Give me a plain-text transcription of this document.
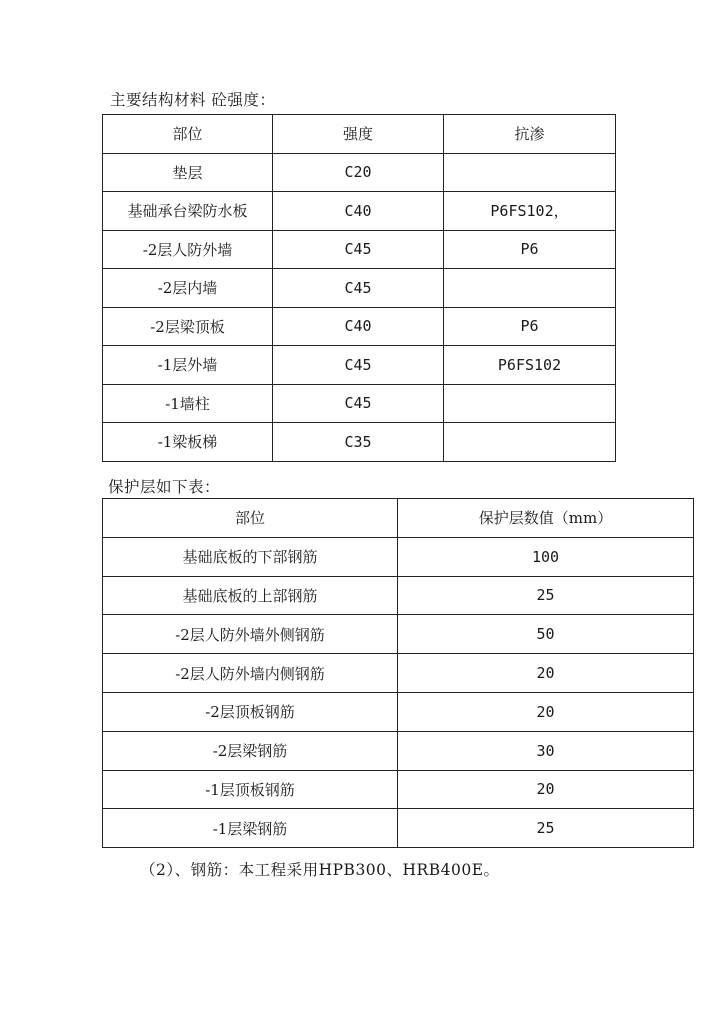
主要结构材料 砼强度：
部位	强度	抗渗
垫层	C20	
基础承台梁防水板	C40	P6FS102，
-2层人防外墙	C45	P6
-2层内墙	C45	
-2层梁顶板	C40	P6
-1层外墙	C45	P6FS102
-1墙柱	C45	
-1梁板梯	C35	
保护层如下表：
部位	保护层数值（mm）
基础底板的下部钢筋	100
基础底板的上部钢筋	25
-2层人防外墙外侧钢筋	50
-2层人防外墙内侧钢筋	20
-2层顶板钢筋	20
-2层梁钢筋	30
-1层顶板钢筋	20
-1层梁钢筋	25
（2）、钢筋：本工程采用HPB300、HRB400E。
